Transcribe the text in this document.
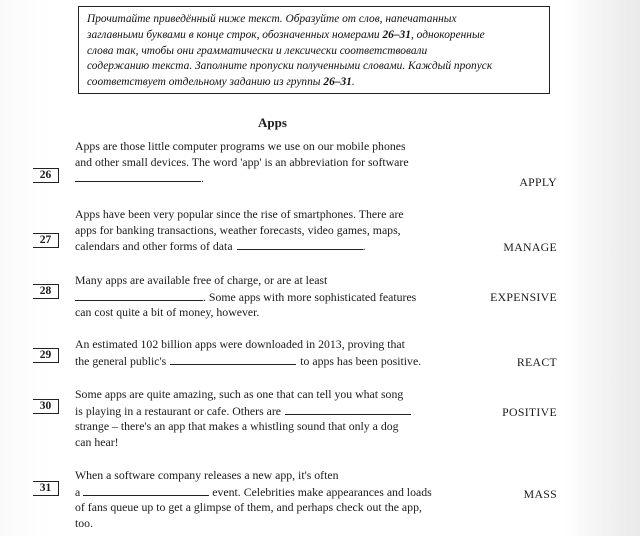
Прочитайте приведённый ниже текст. Образуйте от слов, напечатанных
заглавными буквами в конце строк, обозначенных номерами 26–31, однокоренные
слова так, чтобы они грамматически и лексически соответствовали
содержанию текста. Заполните пропуски полученными словами. Каждый пропуск
соответствует отдельному заданию из группы 26–31.
Apps
Apps are those little computer programs we use on our mobile phones
and other small devices. The word 'app' is an abbreviation for software
.
26	APPLY
Apps have been very popular since the rise of smartphones. There are
apps for banking transactions, weather forecasts, video games, maps,
calendars and other forms of data	.
27	MANAGE
Many apps are available free of charge, or are at least
. Some apps with more sophisticated features
can cost quite a bit of money, however.
28	EXPENSIVE
An estimated 102 billion apps were downloaded in 2013, proving that
the general public's	to apps has been positive.
29	REACT
Some apps are quite amazing, such as one that can tell you what song
is playing in a restaurant or cafe. Others are
strange – there's an app that makes a whistling sound that only a dog
can hear!
30	POSITIVE
When a software company releases a new app, it's often
a	event. Celebrities make appearances and loads
of fans queue up to get a glimpse of them, and perhaps check out the app,
too.
31	MASS
